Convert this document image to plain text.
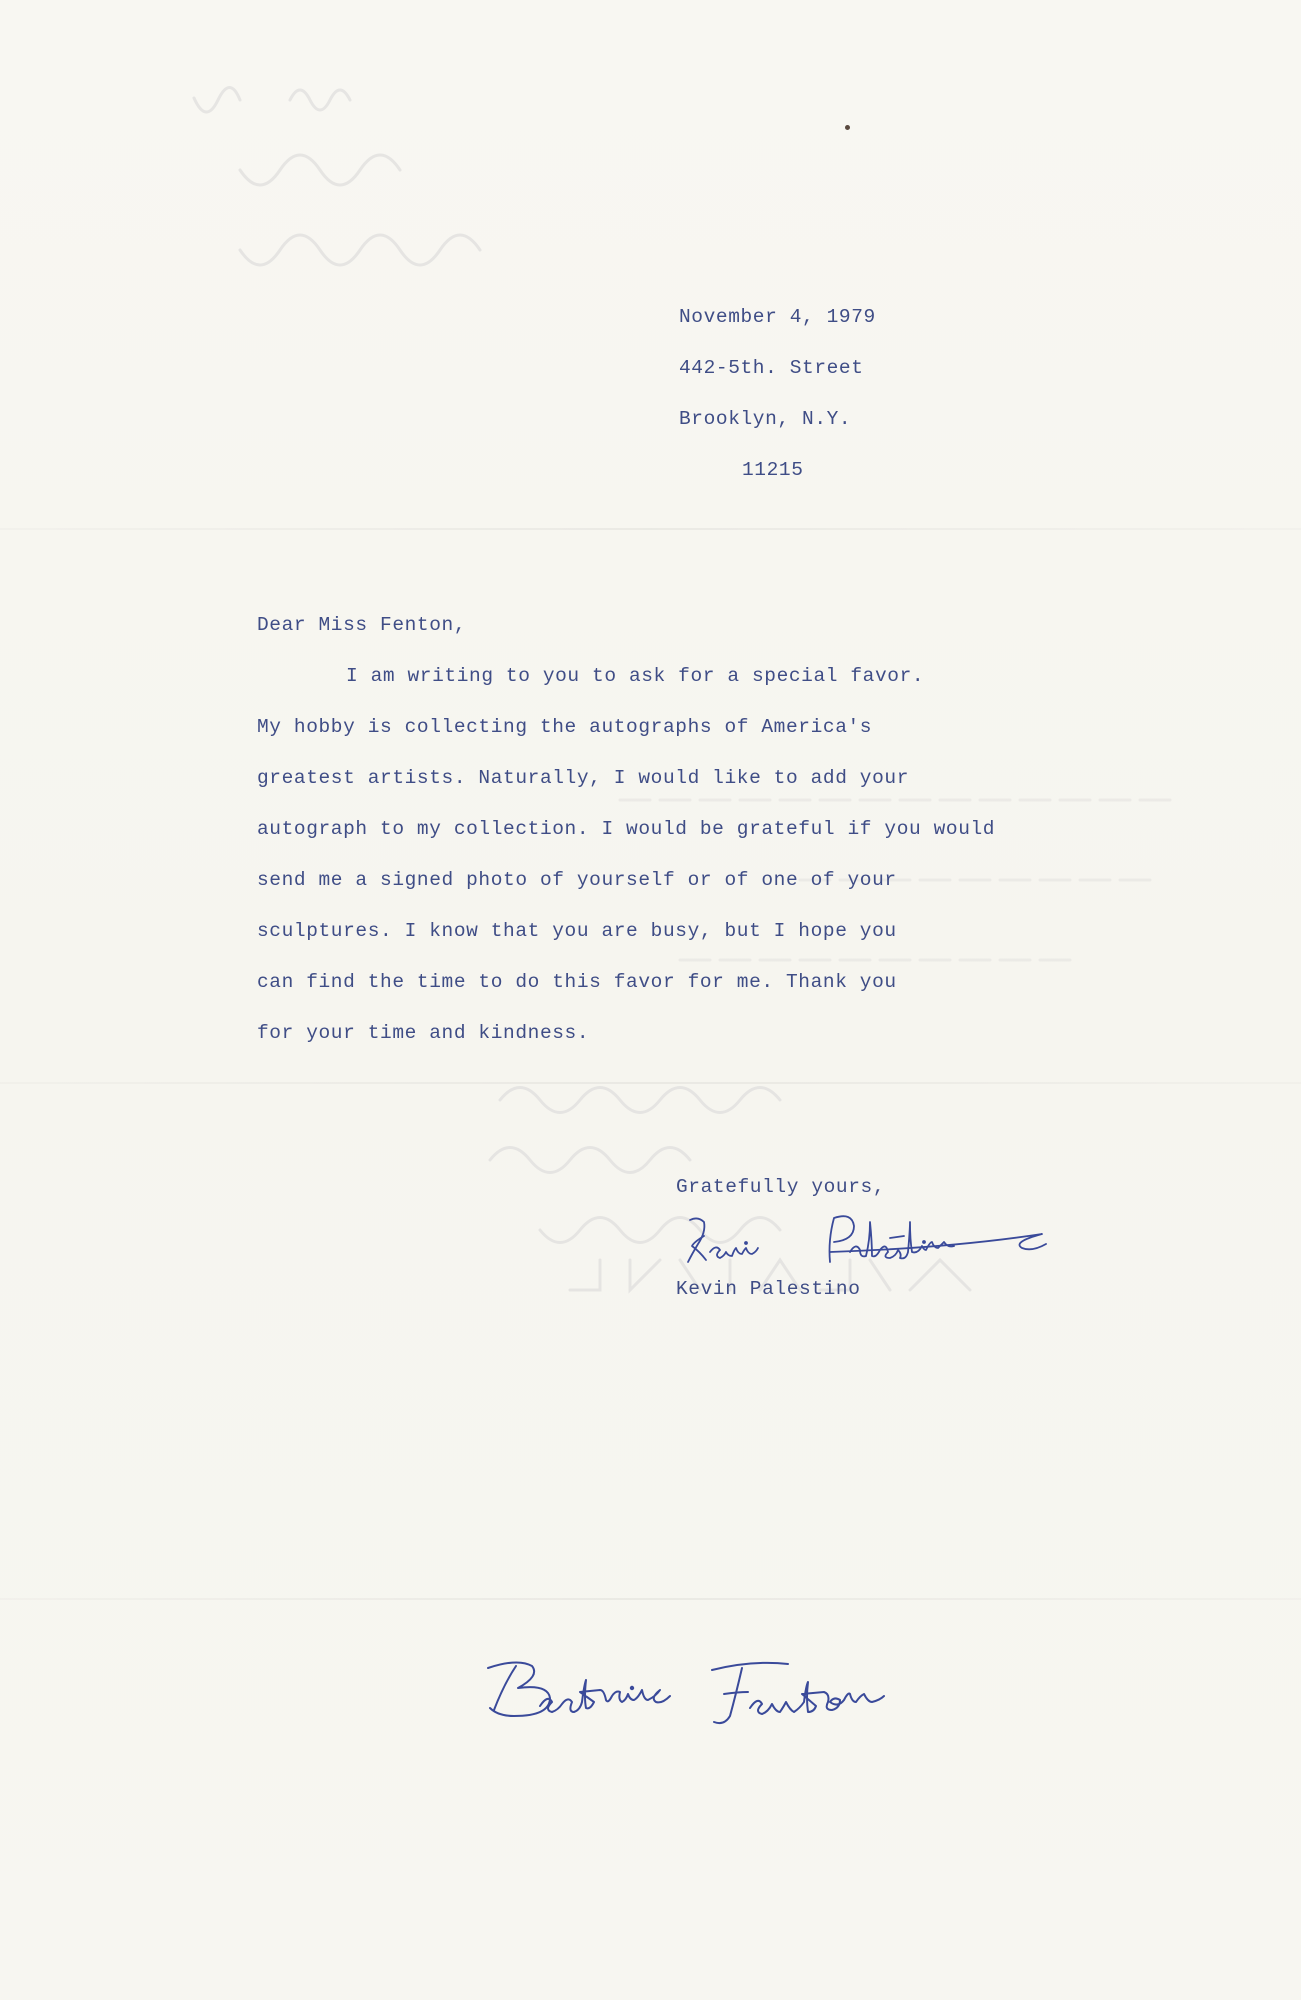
November 4, 1979
442-5th. Street
Brooklyn, N.Y.
11215
Dear Miss Fenton,
I am writing to you to ask for a special favor.
My hobby is collecting the autographs of America's
greatest artists. Naturally, I would like to add your
autograph to my collection. I would be grateful if you would
send me a signed photo of yourself or of one of your
sculptures. I know that you are busy, but I hope you
can find the time to do this favor for me. Thank you
for your time and kindness.
Gratefully yours,
Kevin Palestino
